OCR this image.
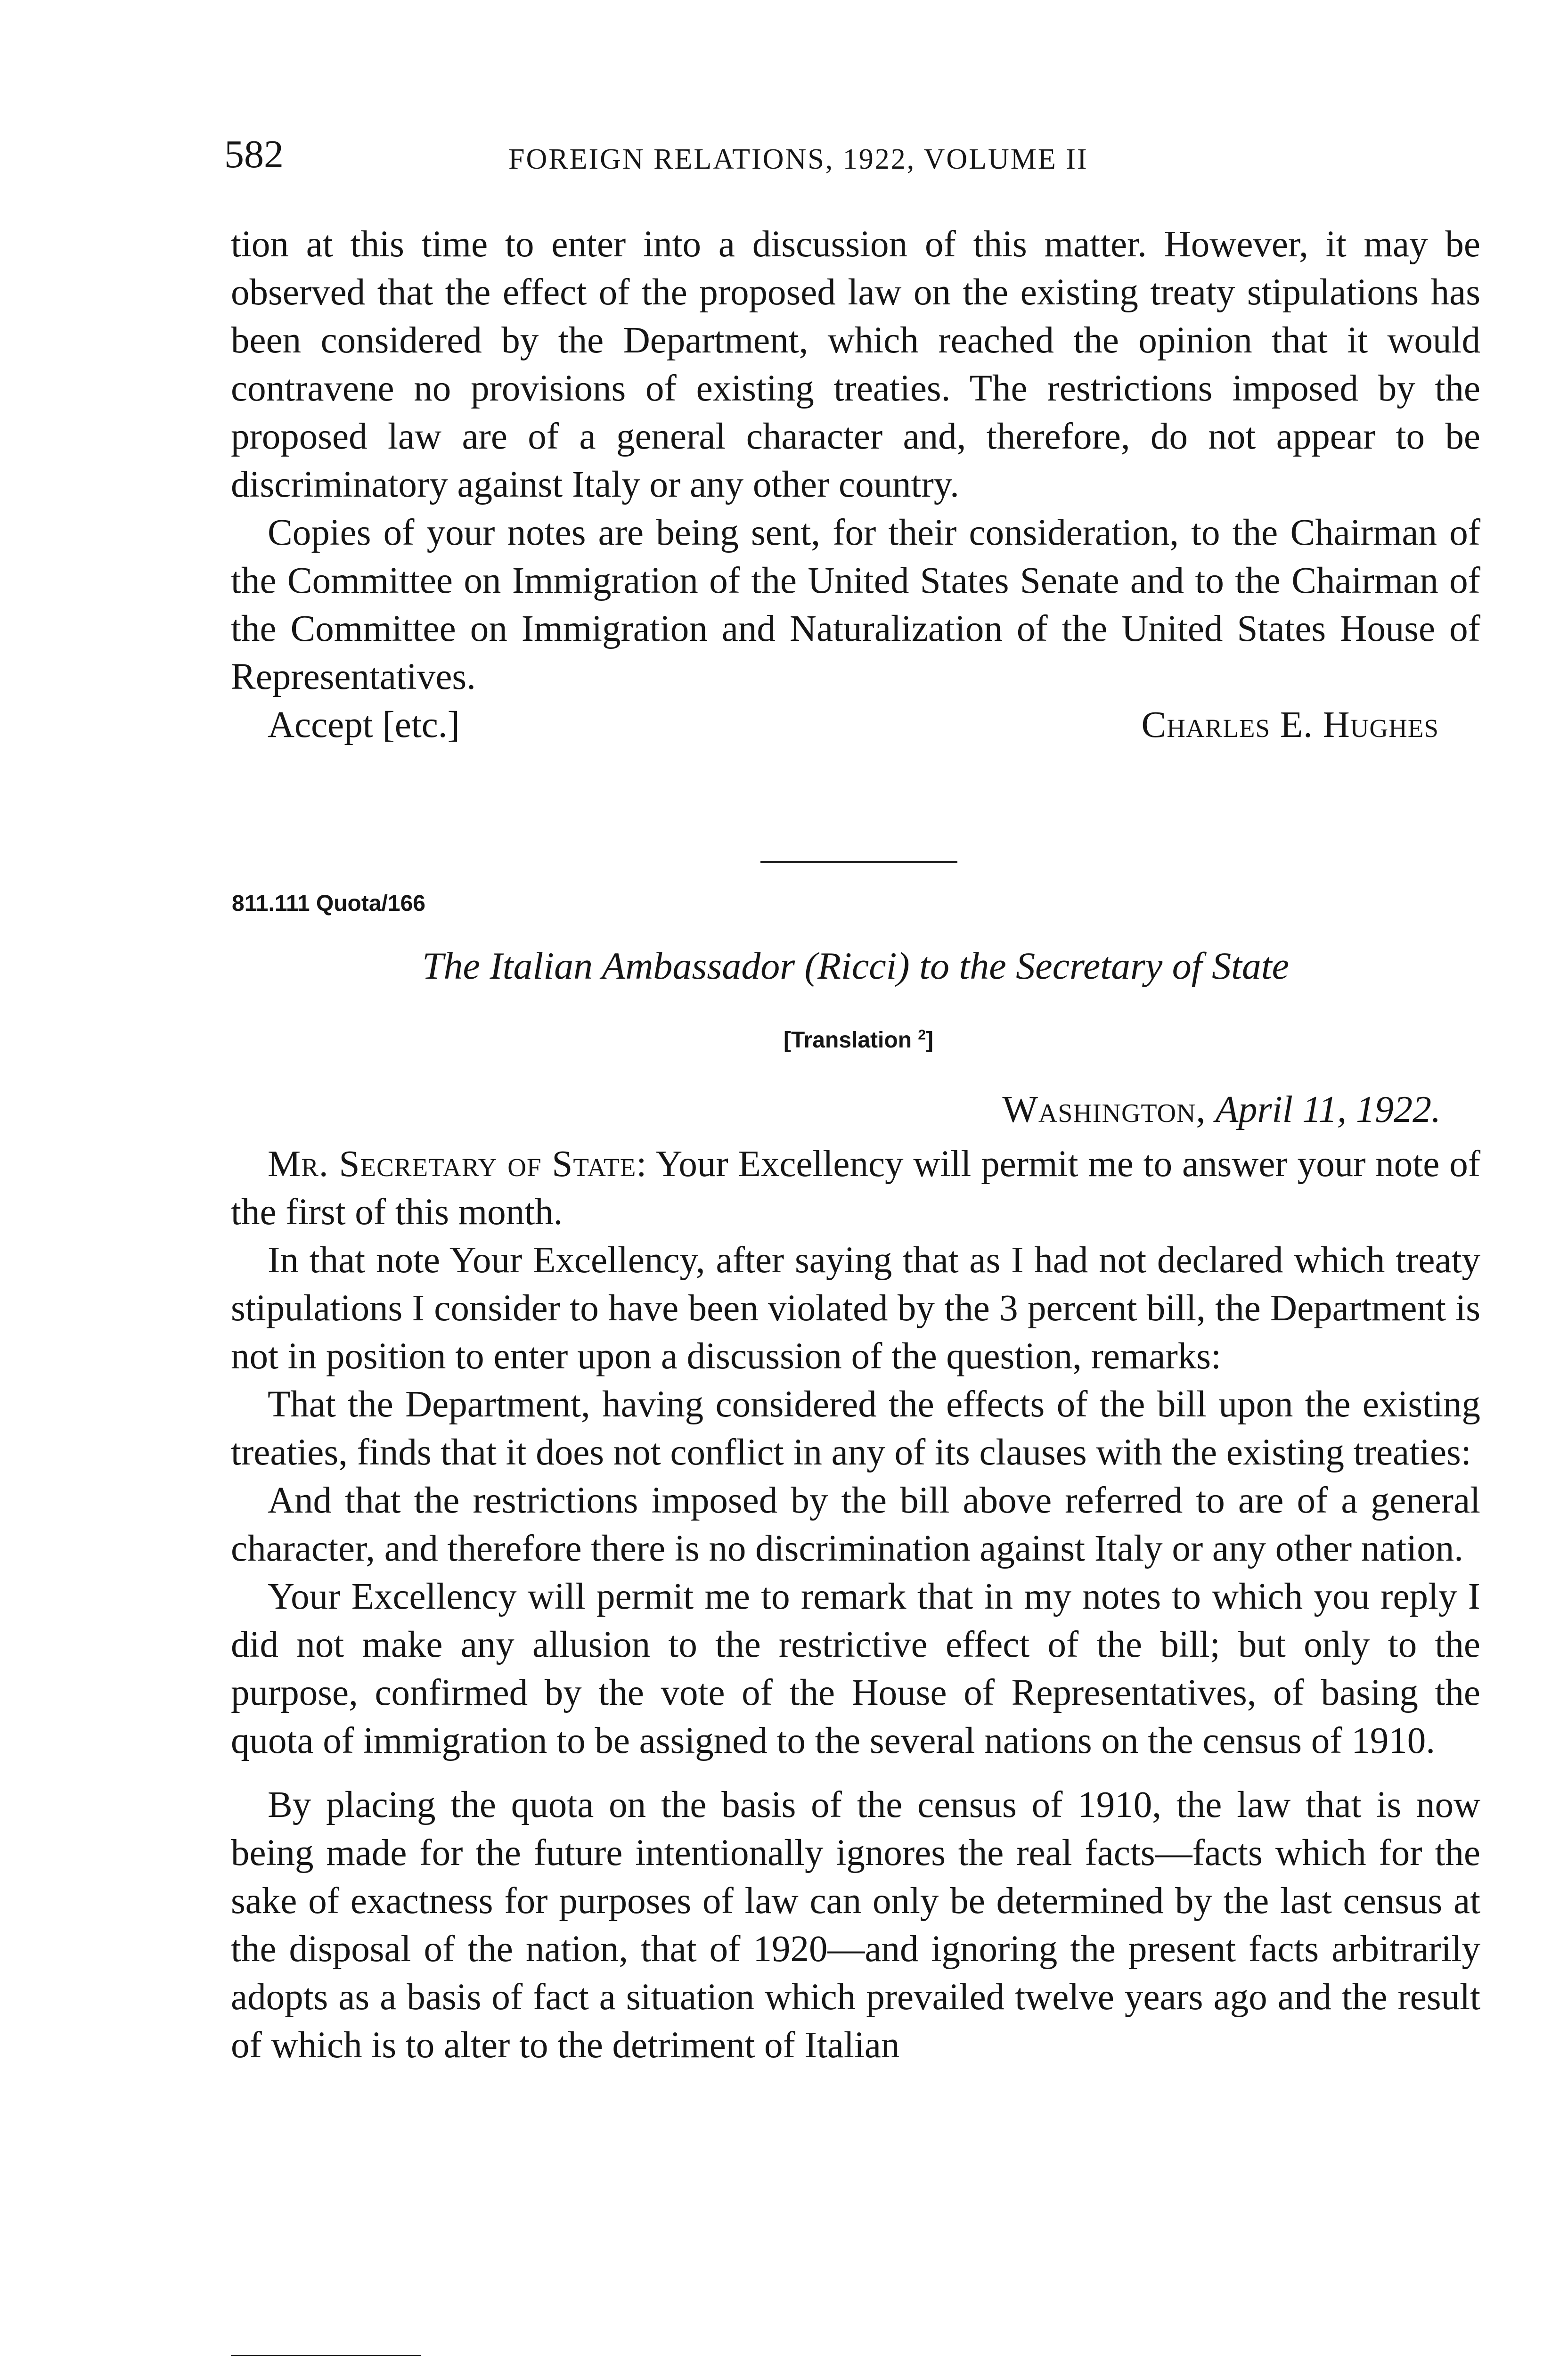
582	FOREIGN RELATIONS, 1922, VOLUME II

tion at this time to enter into a discussion of this matter. However, it may be observed that the effect of the proposed law on the existing treaty stipulations has been considered by the Department, which reached the opinion that it would contravene no provisions of existing treaties. The restrictions imposed by the proposed law are of a general character and, therefore, do not appear to be discriminatory against Italy or any other country.

Copies of your notes are being sent, for their consideration, to the Chairman of the Committee on Immigration of the United States Senate and to the Chairman of the Committee on Immigration and Naturalization of the United States House of Representatives.

Accept [etc.]	Charles E. Hughes
811.111 Quota/166
The Italian Ambassador (Ricci) to the Secretary of State
[Translation $^2$]
Washington, April 11, 1922.

Mr. Secretary of State: Your Excellency will permit me to answer your note of the first of this month.

In that note Your Excellency, after saying that as I had not declared which treaty stipulations I consider to have been violated by the 3 percent bill, the Department is not in position to enter upon a discussion of the question, remarks:

That the Department, having considered the effects of the bill upon the existing treaties, finds that it does not conflict in any of its clauses with the existing treaties:

And that the restrictions imposed by the bill above referred to are of a general character, and therefore there is no discrimination against Italy or any other nation.

Your Excellency will permit me to remark that in my notes to which you reply I did not make any allusion to the restrictive effect of the bill; but only to the purpose, confirmed by the vote of the House of Representatives, of basing the quota of immigration to be assigned to the several nations on the census of 1910.

By placing the quota on the basis of the census of 1910, the law that is now being made for the future intentionally ignores the real facts—facts which for the sake of exactness for purposes of law can only be determined by the last census at the disposal of the nation, that of 1920—and ignoring the present facts arbitrarily adopts as a basis of fact a situation which prevailed twelve years ago and the result of which is to alter to the detriment of Italian
